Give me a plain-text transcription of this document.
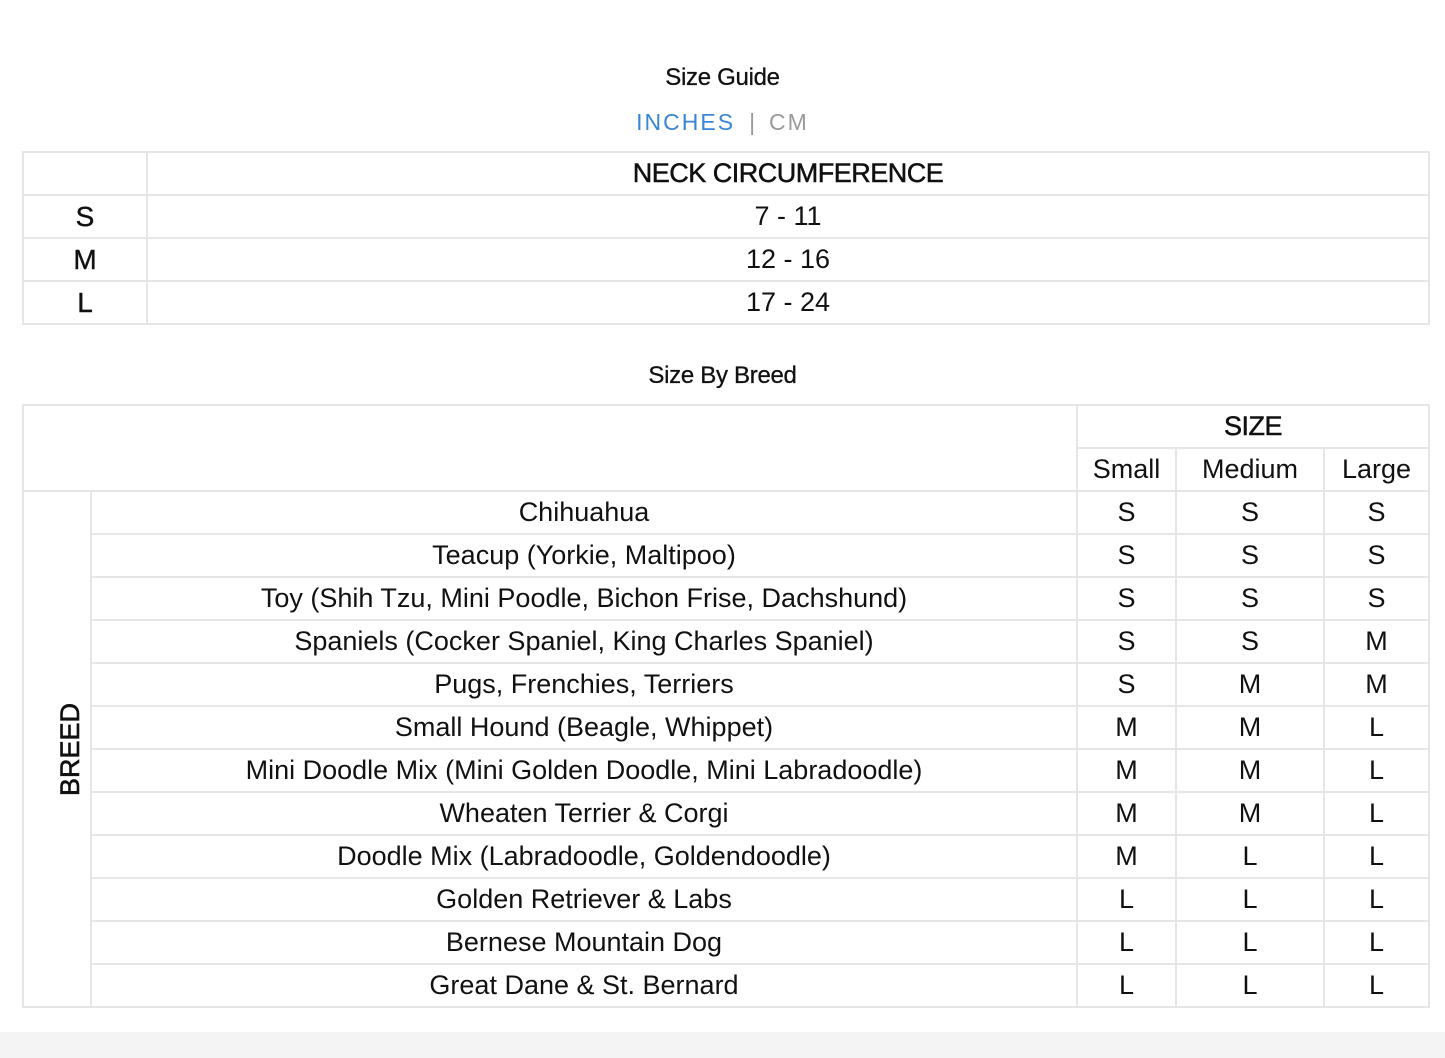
Size Guide
INCHES | CM
	NECK CIRCUMFERENCE
S	7 - 11
M	12 - 16
L	17 - 24
Size By Breed
		SIZE		
		Small	Medium	Large
BREED	Chihuahua	S	S	S
	Teacup (Yorkie, Maltipoo)	S	S	S
	Toy (Shih Tzu, Mini Poodle, Bichon Frise, Dachshund)	S	S	S
	Spaniels (Cocker Spaniel, King Charles Spaniel)	S	S	M
	Pugs, Frenchies, Terriers	S	M	M
	Small Hound (Beagle, Whippet)	M	M	L
	Mini Doodle Mix (Mini Golden Doodle, Mini Labradoodle)	M	M	L
	Wheaten Terrier & Corgi	M	M	L
	Doodle Mix (Labradoodle, Goldendoodle)	M	L	L
	Golden Retriever & Labs	L	L	L
	Bernese Mountain Dog	L	L	L
	Great Dane & St. Bernard	L	L	L
